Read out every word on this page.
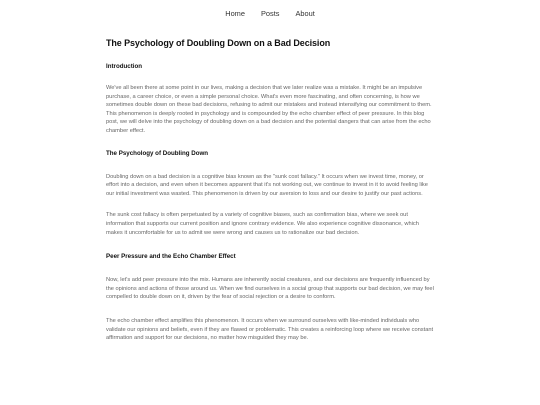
Home Posts About
The Psychology of Doubling Down on a Bad Decision
Introduction

We've all been there at some point in our lives, making a decision that we later realize was a mistake. It might be an impulsive purchase, a career choice, or even a simple personal choice. What's even more fascinating, and often concerning, is how we sometimes double down on these bad decisions, refusing to admit our mistakes and instead intensifying our commitment to them. This phenomenon is deeply rooted in psychology and is compounded by the echo chamber effect of peer pressure. In this blog post, we will delve into the psychology of doubling down on a bad decision and the potential dangers that can arise from the echo chamber effect.

The Psychology of Doubling Down

Doubling down on a bad decision is a cognitive bias known as the "sunk cost fallacy." It occurs when we invest time, money, or effort into a decision, and even when it becomes apparent that it's not working out, we continue to invest in it to avoid feeling like our initial investment was wasted. This phenomenon is driven by our aversion to loss and our desire to justify our past actions.

The sunk cost fallacy is often perpetuated by a variety of cognitive biases, such as confirmation bias, where we seek out information that supports our current position and ignore contrary evidence. We also experience cognitive dissonance, which makes it uncomfortable for us to admit we were wrong and causes us to rationalize our bad decision.

Peer Pressure and the Echo Chamber Effect

Now, let's add peer pressure into the mix. Humans are inherently social creatures, and our decisions are frequently influenced by the opinions and actions of those around us. When we find ourselves in a social group that supports our bad decision, we may feel compelled to double down on it, driven by the fear of social rejection or a desire to conform.

The echo chamber effect amplifies this phenomenon. It occurs when we surround ourselves with like-minded individuals who validate our opinions and beliefs, even if they are flawed or problematic. This creates a reinforcing loop where we receive constant affirmation and support for our decisions, no matter how misguided they may be.
